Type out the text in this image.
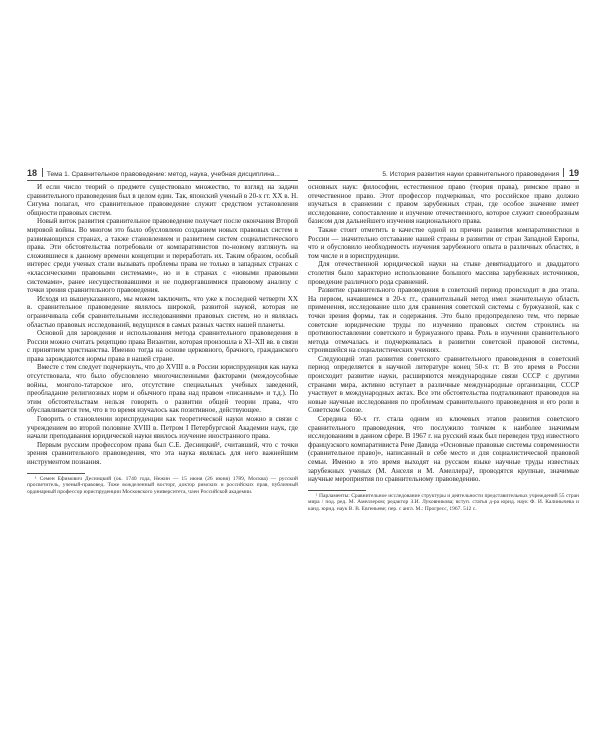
18 Тема 1. Сравнительное правоведение: метод, наука, учебная дисциплина...

И если число теорий о предмете существовало множество, то взгляд на задачи сравнительного правоведения был в целом един. Так, японский ученый в 20-х гг. XX в. Н. Сигума полагал, что сравнительное правоведение служит средством установления общности правовых систем.

Новый виток развития сравнительное правоведение получает после окончания Второй мировой войны. Во многом это было обусловлено созданием новых правовых систем в развивающихся странах, а также становлением и развитием систем социалистического права. Эти обстоятельства потребовали от компаративистов по-новому взглянуть на сложившиеся к данному времени концепции и переработать их. Таким образом, особый интерес среди ученых стали вызывать проблемы права не только в западных странах с «классическими правовыми системами», но и в странах с «новыми правовыми системами», ранее несуществовавшими и не подвергавшимися правовому анализу с точки зрения сравнительного правоведения.

Исходя из вышеуказанного, мы можем заключить, что уже к последней четверти XX в. сравнительное правоведение являлось широкой, развитой наукой, которая не ограничивала себя сравнительными исследованиями правовых систем, но и являлась областью правовых исследований, ведущихся в самых разных частях нашей планеты.

Основой для зарождения и использования метода сравнительного правоведения в России можно считать рецепцию права Византии, которая произошла в XI–XII вв. в связи с принятием христианства. Именно тогда на основе церковного, брачного, гражданского права зарождаются нормы права в нашей стране.

Вместе с тем следует подчеркнуть, что до XVIII в. в России юриспруденция как наука отсутствовала, что было обусловлено многочисленными факторами (междоусобные войны, монголо-татарское иго, отсутствие специальных учебных заведений, преобладание религиозных норм и обычного права над правом «писанным» и т.д.). По этим обстоятельствам нельзя говорить о развитии общей теории права, что обуславливается тем, что в то время изучалось как позитивное, действующее.

Говорить о становлении юриспруденции как теоретической науки можно в связи с учреждением во второй половине XVIII в. Петром I Петербургской Академии наук, где начали преподавания юридической науки явилось изучение иностранного права.

Первым русским профессором права был С.Е. Десницкий¹, считавший, что с точки зрения сравнительного правоведения, что эта наука являлась для него важнейшим инструментом познания.

¹ Семен Ефимович Десницкий (ок. 1740 года, Нежин — 15 июня (26 июня) 1789, Москва) — русский просветитель, ученый-правовед. Тоже вожделенный восторг, доктор римских и российских прав, публичный ординарный профессор юриспруденции Московского университета, член Российской академии.

5. История развития науки сравнительного правоведения 19

основных наук: философии, естественное право (теория права), римское право и отечественное право. Этот профессор подчеркивал, что российское право должно изучаться в сравнении с правом зарубежных стран, где особое значение имеет исследование, сопоставление и изучение отечественного, которое служит своеобразным базисом для дальнейшего изучения национального права.

Также стоит отметить в качестве одной из причин развития компаративистики в России — значительно отставание нашей страны в развитии от стран Западной Европы, что и обусловило необходимость изучения зарубежного опыта в различных областях, в том числе и в юриспруденции.

Для отечественной юридической науки на стыке девятнадцатого и двадцатого столетия было характерно использование большого массива зарубежных источников, проведение различного рода сравнений.

Развитие сравнительного правоведения в советский период происходит в два этапа. На первом, начавшемся в 20-х гг., сравнительный метод имел значительную область применения, исследование шло для сравнения советской системы с буржуазной, как с точки зрения формы, так и содержания. Это было предопределено тем, что первые советские юридические труды по изучению правовых систем строились на противопоставлении советского и буржуазного права. Роль в изучении сравнительного метода отмечалась и подчеркивалась в развитии советской правовой системы, строившейся на социалистических учениях.

Следующий этап развития советского сравнительного правоведения в советский период определяется в научной литературе конец 50-х гг. В это время в России происходит развитие науки, расширяются международные связи СССР с другими странами мира, активно вступает в различные международные организации, СССР участвует в международных актах. Все эти обстоятельства подталкивают правоведов на новые научные исследования по проблемам сравнительного правоведения и его роли в Советском Союзе.

Середина 60-х гг. стала одним из ключевых этапов развития советского сравнительного правоведения, что послужило толчком к наиболее значимым исследованиям в данном сфере. В 1967 г. на русский язык был переведен труд известного французского компаративиста Рене Давида «Основные правовые системы современности (сравнительное право)», написанный в себе место и для социалистической правовой семьи. Именно в это время выходят на русском языке научные труды известных зарубежных ученых (М. Анселя и М. Амеллера)¹, проводятся крупные, значимые научные мероприятия по сравнительному правоведению.

¹ Парламенты: Сравнительное исследование структуры и деятельности представительных учреждений 55 стран мира / под. ред. М. Амеллером; редактор З.И. Луковникова; вступ. статья д-ра юрид. наук Ф. И. Калинычева и канд. юрид. наук В. В. Евгеньеве; пер. с англ. М.: Прогресс, 1967. 512 с.
